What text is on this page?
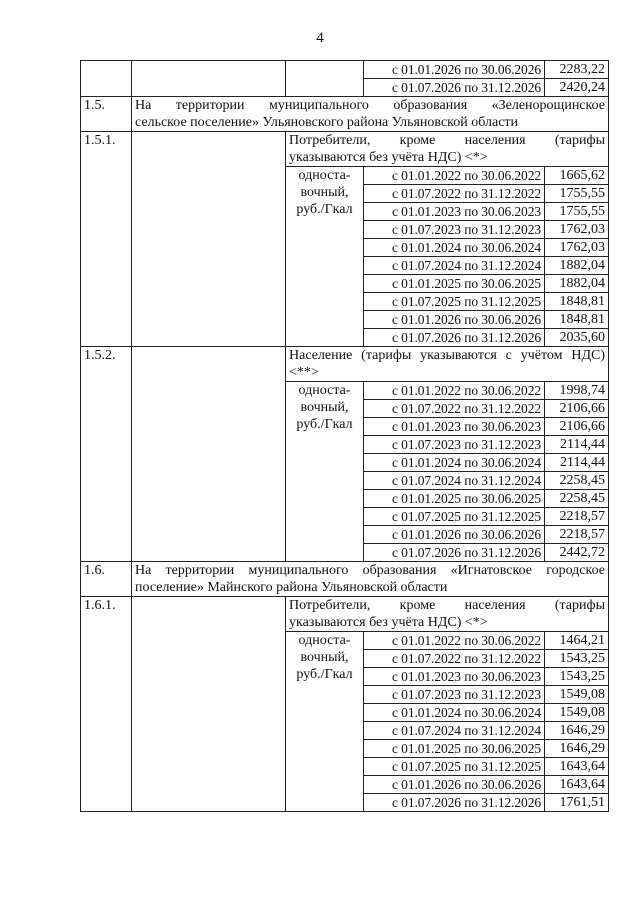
4
			с 01.01.2026 по 30.06.2026	2283,22
			с 01.07.2026 по 31.12.2026	2420,24
1.5.	На территории муниципального образования «Зеленорощинское
сельское поселение» Ульяновского района Ульяновской области			
1.5.1.		Потребители, кроме населения (тарифы
указываются без учёта НДС) <*>		

		односта-
вочный,
руб./Гкал	с 01.01.2022 по 30.06.2022	1665,62
			с 01.07.2022 по 31.12.2022	1755,55
			с 01.01.2023 по 30.06.2023	1755,55
			с 01.07.2023 по 31.12.2023	1762,03
			с 01.01.2024 по 30.06.2024	1762,03
			с 01.07.2024 по 31.12.2024	1882,04
			с 01.01.2025 по 30.06.2025	1882,04
			с 01.07.2025 по 31.12.2025	1848,81
			с 01.01.2026 по 30.06.2026	1848,81
			с 01.07.2026 по 31.12.2026	2035,60
1.5.2.		Население (тарифы указываются с учётом НДС)
<**>		

		односта-
вочный,
руб./Гкал	с 01.01.2022 по 30.06.2022	1998,74
			с 01.07.2022 по 31.12.2022	2106,66
			с 01.01.2023 по 30.06.2023	2106,66
			с 01.07.2023 по 31.12.2023	2114,44
			с 01.01.2024 по 30.06.2024	2114,44
			с 01.07.2024 по 31.12.2024	2258,45
			с 01.01.2025 по 30.06.2025	2258,45
			с 01.07.2025 по 31.12.2025	2218,57
			с 01.01.2026 по 30.06.2026	2218,57
			с 01.07.2026 по 31.12.2026	2442,72
1.6.	На территории муниципального образования «Игнатовское городское
поселение» Майнского района Ульяновской области			
1.6.1.		Потребители, кроме населения (тарифы
указываются без учёта НДС) <*>		

		односта-
вочный,
руб./Гкал	с 01.01.2022 по 30.06.2022	1464,21
			с 01.07.2022 по 31.12.2022	1543,25
			с 01.01.2023 по 30.06.2023	1543,25
			с 01.07.2023 по 31.12.2023	1549,08
			с 01.01.2024 по 30.06.2024	1549,08
			с 01.07.2024 по 31.12.2024	1646,29
			с 01.01.2025 по 30.06.2025	1646,29
			с 01.07.2025 по 31.12.2025	1643,64
			с 01.01.2026 по 30.06.2026	1643,64
			с 01.07.2026 по 31.12.2026	1761,51
